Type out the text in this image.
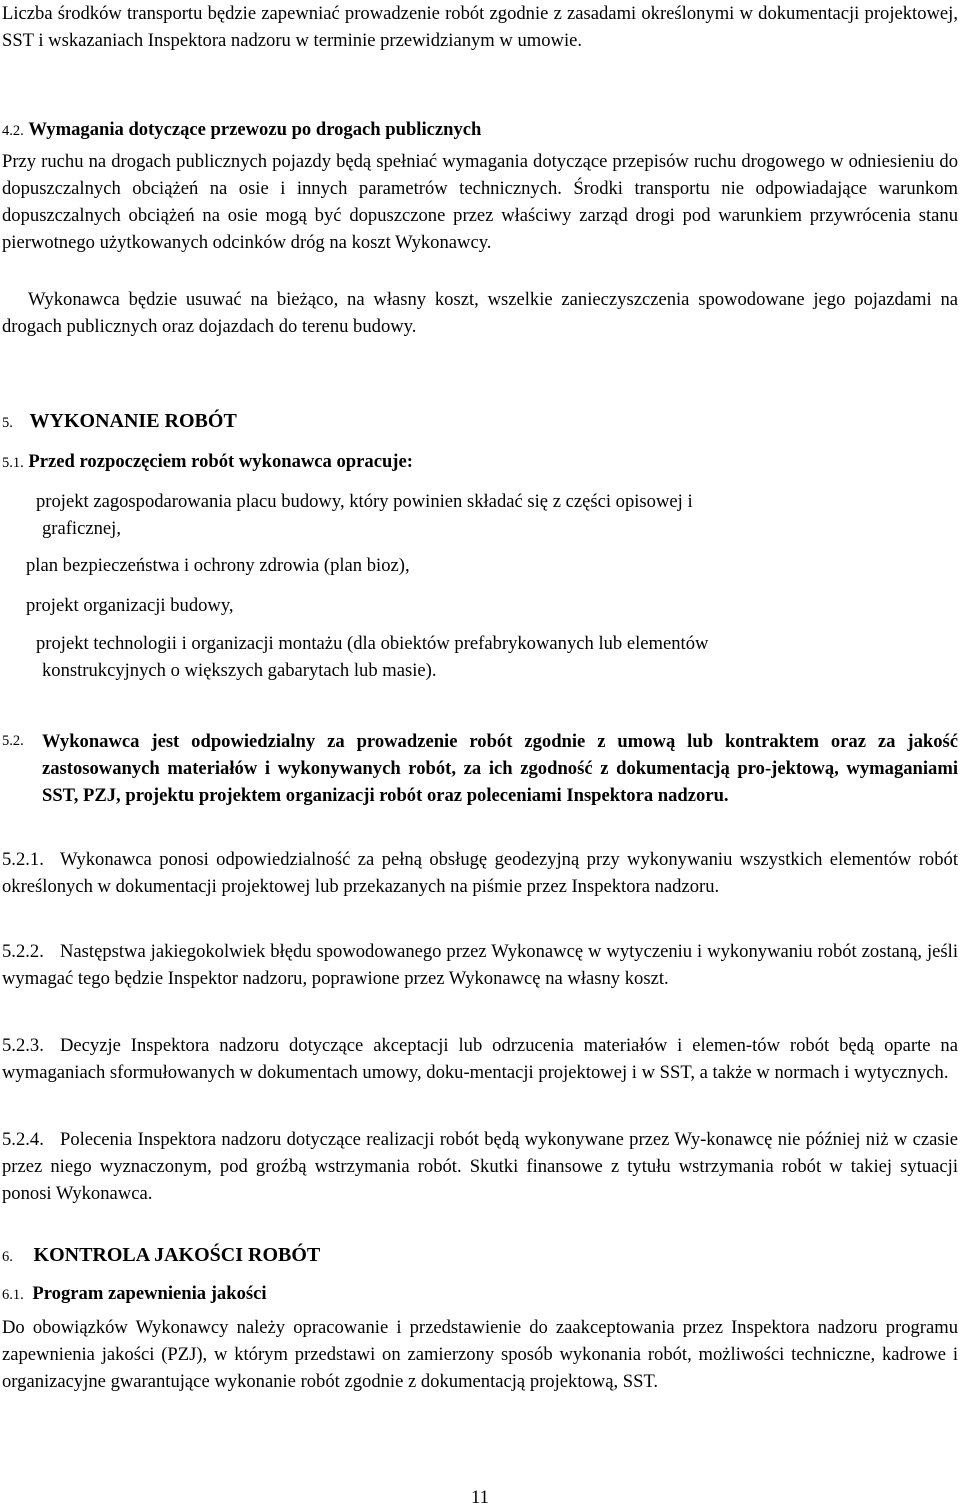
Liczba środków transportu będzie zapewniać prowadzenie robót zgodnie z zasadami określonymi w dokumentacji projektowej, SST i wskazaniach Inspektora nadzoru w terminie przewidzianym w umowie.

4.2. Wymagania dotyczące przewozu po drogach publicznych

Przy ruchu na drogach publicznych pojazdy będą spełniać wymagania dotyczące przepisów ruchu drogowego w odniesieniu do dopuszczalnych obciążeń na osie i innych parametrów technicznych. Środki transportu nie odpowiadające warunkom dopuszczalnych obciążeń na osie mogą być dopuszczone przez właściwy zarząd drogi pod warunkiem przywrócenia stanu pierwotnego użytkowanych odcinków dróg na koszt Wykonawcy.

Wykonawca będzie usuwać na bieżąco, na własny koszt, wszelkie zanieczyszczenia spowodowane jego pojazdami na drogach publicznych oraz dojazdach do terenu budowy.

5. WYKONANIE ROBÓT
5.1. Przed rozpoczęciem robót wykonawca opracuje:

projekt zagospodarowania placu budowy, który powinien składać się z części opisowej i
graficznej,

plan bezpieczeństwa i ochrony zdrowia (plan bioz),

projekt organizacji budowy,

projekt technologii i organizacji montażu (dla obiektów prefabrykowanych lub elementów
konstrukcyjnych o większych gabarytach lub masie).

5.2. Wykonawca jest odpowiedzialny za prowadzenie robót zgodnie z umową lub kontraktem oraz za jakość zastosowanych materiałów i wykonywanych robót, za ich zgodność z dokumentacją pro-jektową, wymaganiami SST, PZJ, projektu projektem organizacji robót oraz poleceniami Inspektora nadzoru.

5.2.1. Wykonawca ponosi odpowiedzialność za pełną obsługę geodezyjną przy wykonywaniu wszystkich elementów robót określonych w dokumentacji projektowej lub przekazanych na piśmie przez Inspektora nadzoru.

5.2.2. Następstwa jakiegokolwiek błędu spowodowanego przez Wykonawcę w wytyczeniu i wykonywaniu robót zostaną, jeśli wymagać tego będzie Inspektor nadzoru, poprawione przez Wykonawcę na własny koszt.

5.2.3. Decyzje Inspektora nadzoru dotyczące akceptacji lub odrzucenia materiałów i elemen-tów robót będą oparte na wymaganiach sformułowanych w dokumentach umowy, doku-mentacji projektowej i w SST, a także w normach i wytycznych.

5.2.4. Polecenia Inspektora nadzoru dotyczące realizacji robót będą wykonywane przez Wy-konawcę nie później niż w czasie przez niego wyznaczonym, pod groźbą wstrzymania robót. Skutki finansowe z tytułu wstrzymania robót w takiej sytuacji ponosi Wykonawca.

6. KONTROLA JAKOŚCI ROBÓT
6.1. Program zapewnienia jakości

Do obowiązków Wykonawcy należy opracowanie i przedstawienie do zaakceptowania przez Inspektora nadzoru programu zapewnienia jakości (PZJ), w którym przedstawi on zamierzony sposób wykonania robót, możliwości techniczne, kadrowe i organizacyjne gwarantujące wykonanie robót zgodnie z dokumentacją projektową, SST.

11
